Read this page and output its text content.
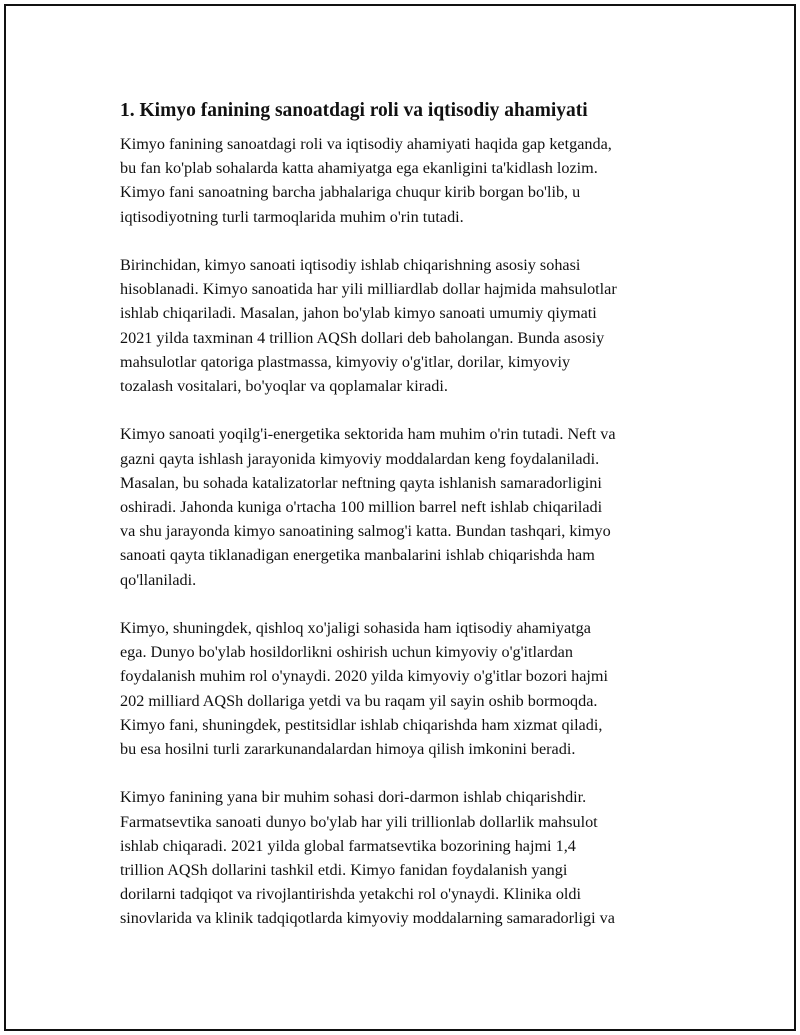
1. Kimyo fanining sanoatdagi roli va iqtisodiy ahamiyati

Kimyo fanining sanoatdagi roli va iqtisodiy ahamiyati haqida gap ketganda,
bu fan ko'plab sohalarda katta ahamiyatga ega ekanligini ta'kidlash lozim.
Kimyo fani sanoatning barcha jabhalariga chuqur kirib borgan bo'lib, u
iqtisodiyotning turli tarmoqlarida muhim o'rin tutadi.

Birinchidan, kimyo sanoati iqtisodiy ishlab chiqarishning asosiy sohasi
hisoblanadi. Kimyo sanoatida har yili milliardlab dollar hajmida mahsulotlar
ishlab chiqariladi. Masalan, jahon bo'ylab kimyo sanoati umumiy qiymati
2021 yilda taxminan 4 trillion AQSh dollari deb baholangan. Bunda asosiy
mahsulotlar qatoriga plastmassa, kimyoviy o'g'itlar, dorilar, kimyoviy
tozalash vositalari, bo'yoqlar va qoplamalar kiradi.

Kimyo sanoati yoqilg'i-energetika sektorida ham muhim o'rin tutadi. Neft va
gazni qayta ishlash jarayonida kimyoviy moddalardan keng foydalaniladi.
Masalan, bu sohada katalizatorlar neftning qayta ishlanish samaradorligini
oshiradi. Jahonda kuniga o'rtacha 100 million barrel neft ishlab chiqariladi
va shu jarayonda kimyo sanoatining salmog'i katta. Bundan tashqari, kimyo
sanoati qayta tiklanadigan energetika manbalarini ishlab chiqarishda ham
qo'llaniladi.

Kimyo, shuningdek, qishloq xo'jaligi sohasida ham iqtisodiy ahamiyatga
ega. Dunyo bo'ylab hosildorlikni oshirish uchun kimyoviy o'g'itlardan
foydalanish muhim rol o'ynaydi. 2020 yilda kimyoviy o'g'itlar bozori hajmi
202 milliard AQSh dollariga yetdi va bu raqam yil sayin oshib bormoqda.
Kimyo fani, shuningdek, pestitsidlar ishlab chiqarishda ham xizmat qiladi,
bu esa hosilni turli zararkunandalardan himoya qilish imkonini beradi.

Kimyo fanining yana bir muhim sohasi dori-darmon ishlab chiqarishdir.
Farmatsevtika sanoati dunyo bo'ylab har yili trillionlab dollarlik mahsulot
ishlab chiqaradi. 2021 yilda global farmatsevtika bozorining hajmi 1,4
trillion AQSh dollarini tashkil etdi. Kimyo fanidan foydalanish yangi
dorilarni tadqiqot va rivojlantirishda yetakchi rol o'ynaydi. Klinika oldi
sinovlarida va klinik tadqiqotlarda kimyoviy moddalarning samaradorligi va
